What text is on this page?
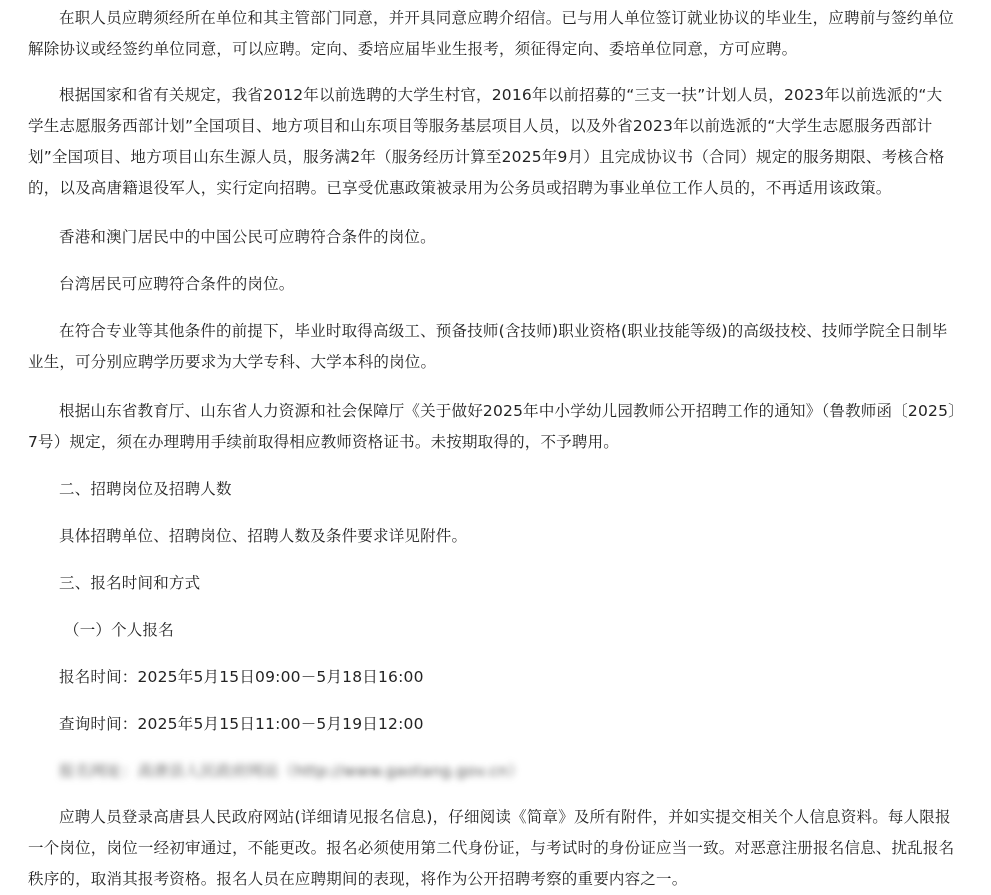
在职人员应聘须经所在单位和其主管部门同意，并开具同意应聘介绍信。已与用人单位签订就业协议的毕业生，应聘前与签约单位解除协议或经签约单位同意，可以应聘。定向、委培应届毕业生报考，须征得定向、委培单位同意，方可应聘。

根据国家和省有关规定，我省2012年以前选聘的大学生村官，2016年以前招募的“三支一扶”计划人员，2023年以前选派的“大学生志愿服务西部计划”全国项目、地方项目和山东项目等服务基层项目人员，以及外省2023年以前选派的“大学生志愿服务西部计划”全国项目、地方项目山东生源人员，服务满2年（服务经历计算至2025年9月）且完成协议书（合同）规定的服务期限、考核合格的，以及高唐籍退役军人，实行定向招聘。已享受优惠政策被录用为公务员或招聘为事业单位工作人员的，不再适用该政策。

香港和澳门居民中的中国公民可应聘符合条件的岗位。

台湾居民可应聘符合条件的岗位。

在符合专业等其他条件的前提下，毕业时取得高级工、预备技师(含技师)职业资格(职业技能等级)的高级技校、技师学院全日制毕业生，可分别应聘学历要求为大学专科、大学本科的岗位。

根据山东省教育厅、山东省人力资源和社会保障厅《关于做好2025年中小学幼儿园教师公开招聘工作的通知》（鲁教师函〔2025〕7号）规定，须在办理聘用手续前取得相应教师资格证书。未按期取得的，不予聘用。

二、招聘岗位及招聘人数

具体招聘单位、招聘岗位、招聘人数及条件要求详见附件。

三、报名时间和方式

（一）个人报名

报名时间：2025年5月15日09:00－5月18日16:00

查询时间：2025年5月15日11:00－5月19日12:00

报名网址：高唐县人民政府网站（http://www.gaotang.gov.cn）

应聘人员登录高唐县人民政府网站(详细请见报名信息)，仔细阅读《简章》及所有附件，并如实提交相关个人信息资料。每人限报一个岗位，岗位一经初审通过，不能更改。报名必须使用第二代身份证，与考试时的身份证应当一致。对恶意注册报名信息、扰乱报名秩序的，取消其报考资格。报名人员在应聘期间的表现，将作为公开招聘考察的重要内容之一。
